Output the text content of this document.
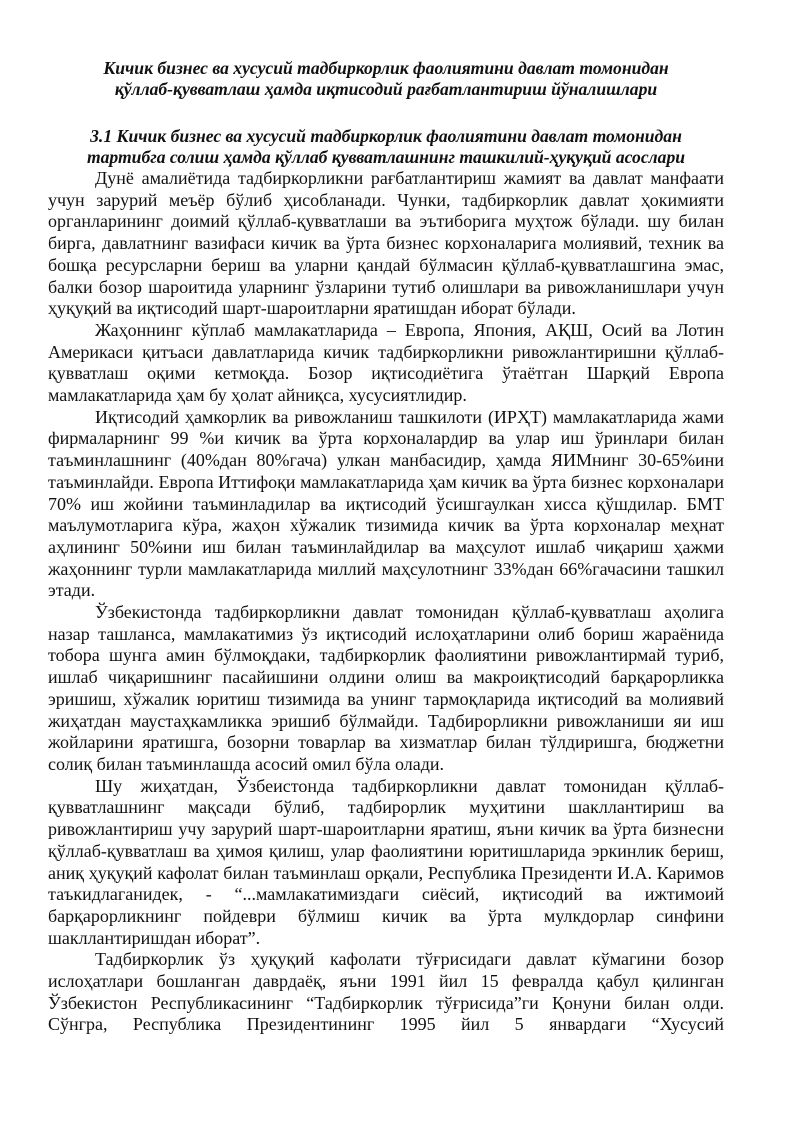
Кичик бизнес ва хусусий тадбиркорлик фаолиятини давлат томонидан
қўллаб-қувватлаш ҳамда иқтисодий рағбатлантириш йўналишлари
3.1 Кичик бизнес ва хусусий тадбиркорлик фаолиятини давлат томонидан
тартибга солиш ҳамда қўллаб қувватлашнинг ташкилий-ҳуқуқий асослари

Дунё амалиётида тадбиркорликни рағбатлантириш жамият ва давлат манфаати учун зарурий меъёр бўлиб ҳисобланади. Чунки, тадбиркорлик давлат ҳокимияти органларининг доимий қўллаб-қувватлаши ва эътиборига муҳтож бўлади. шу билан бирга, давлатнинг вазифаси кичик ва ўрта бизнес корхоналарига молиявий, техник ва бошқа ресурсларни бериш ва уларни қандай бўлмасин қўллаб-қувватлашгина эмас, балки бозор шароитида уларнинг ўзларини тутиб олишлари ва ривожланишлари учун ҳуқуқий ва иқтисодий шарт-шароитларни яратишдан иборат бўлади.

Жаҳоннинг кўплаб мамлакатларида – Европа, Япония, АҚШ, Осий ва Лотин Америкаси қитъаси давлатларида кичик тадбиркорликни ривожлантиришни қўллаб-қувватлаш оқими кетмоқда. Бозор иқтисодиётига ўтаётган Шарқий Европа мамлакатларида ҳам бу ҳолат айниқса, хусусиятлидир.

Иқтисодий ҳамкорлик ва ривожланиш ташкилоти (ИРҲТ) мамлакатларида жами фирмаларнинг 99 %и кичик ва ўрта корхоналардир ва улар иш ўринлари билан таъминлашнинг (40%дан 80%гача) улкан манбасидир, ҳамда ЯИМнинг 30-65%ини таъминлайди. Европа Иттифоқи мамлакатларида ҳам кичик ва ўрта бизнес корхоналари 70% иш жойини таъминладилар ва иқтисодий ўсишгаулкан хисса қўшдилар. БМТ маълумотларига кўра, жаҳон хўжалик тизимида кичик ва ўрта корхоналар меҳнат аҳлининг 50%ини иш билан таъминлайдилар ва маҳсулот ишлаб чиқариш ҳажми жаҳоннинг турли мамлакатларида миллий маҳсулотнинг 33%дан 66%гачасини ташкил этади.

Ўзбекистонда тадбиркорликни давлат томонидан қўллаб-қувватлаш аҳолига назар ташланса, мамлакатимиз ўз иқтисодий ислоҳатларини олиб бориш жараёнида тобора шунга амин бўлмоқдаки, тадбиркорлик фаолиятини ривожлантирмай туриб, ишлаб чиқаришнинг пасайишини олдини олиш ва макроиқтисодий барқарорликка эришиш, хўжалик юритиш тизимида ва унинг тармоқларида иқтисодий ва молиявий жиҳатдан маустаҳкамликка эришиб бўлмайди. Тадбирорликни ривожланиши яи иш жойларини яратишга, бозорни товарлар ва хизматлар билан тўлдиришга, бюджетни солиқ билан таъминлашда асосий омил бўла олади.

Шу жиҳатдан, Ўзбеистонда тадбиркорликни давлат томонидан қўллаб-қувватлашнинг мақсади бўлиб, тадбирорлик муҳитини шакллантириш ва ривожлантириш учу зарурий шарт-шароитларни яратиш, яъни кичик ва ўрта бизнесни қўллаб-қувватлаш ва ҳимоя қилиш, улар фаолиятини юритишларида эркинлик бериш, аниқ ҳуқуқий кафолат билан таъминлаш орқали, Республика Президенти И.А. Каримов таъкидлаганидек, - “...мамлакатимиздаги сиёсий, иқтисодий ва ижтимоий барқарорликнинг пойдеври бўлмиш кичик ва ўрта мулкдорлар синфини шакллантиришдан иборат”.

Тадбиркорлик ўз ҳуқуқий кафолати тўғрисидаги давлат кўмагини бозор ислоҳатлари бошланган даврдаёқ, яъни 1991 йил 15 февралда қабул қилинган Ўзбекистон Республикасининг “Тадбиркорлик тўғрисида”ги Қонуни билан олди. Сўнгра, Республика Президентининг 1995 йил 5 январдаги “Хусусий
